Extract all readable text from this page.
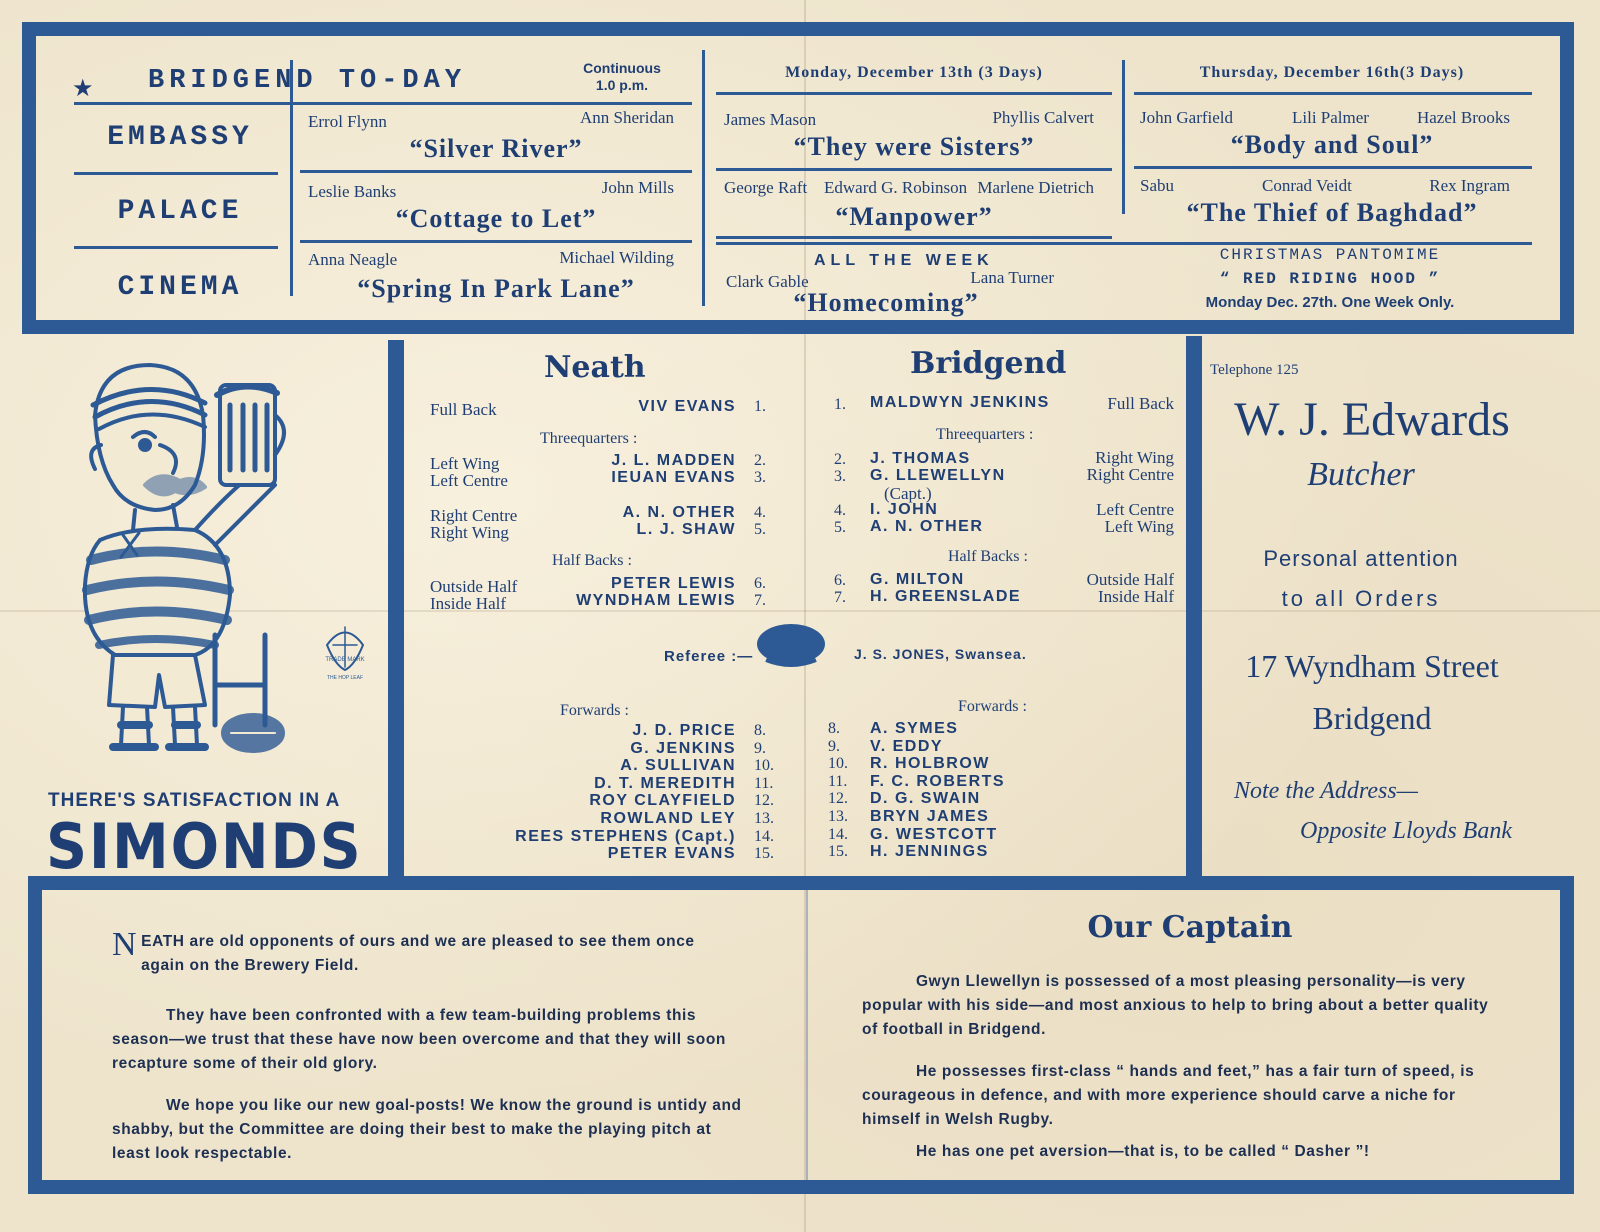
★ BRIDGEND TO-DAY	Continuous
1.0 p.m.
EMBASSY
PALACE
CINEMA
Errol Flynn	Ann Sheridan
“Silver River”
Leslie Banks	John Mills
“Cottage to Let”
Anna Neagle	Michael Wilding
“Spring In Park Lane”
Monday, December 13th (3 Days)
James Mason	Phyllis Calvert
“They were Sisters”
George Raft Edward G. Robinson Marlene Dietrich
“Manpower”
Thursday, December 16th(3 Days)
John Garfield	Lili Palmer	Hazel Brooks
“Body and Soul”
Sabu	Conrad Veidt	Rex Ingram
“The Thief of Baghdad”
ALL THE WEEK
Clark Gable	Lana Turner
“Homecoming”
CHRISTMAS PANTOMIME
“ RED RIDING HOOD ”
Monday Dec. 27th. One Week Only.
TRADE MARK
THE HOP LEAF
THERE'S SATISFACTION IN A
SIMONDS
Neath
Full Back	VIV EVANS 1.
Threequarters :
Left Wing	J. L. MADDEN 2.
Left Centre	IEUAN EVANS 3.
Right Centre	A. N. OTHER 4.
Right Wing	L. J. SHAW 5.
Half Backs :
Outside Half	PETER LEWIS 6.
Inside Half	WYNDHAM LEWIS 7.
Referee :—	J. S. JONES, Swansea.
Forwards :
J. D. PRICE 8.
G. JENKINS 9.
A. SULLIVAN 10.
D. T. MEREDITH 11.
ROY CLAYFIELD 12.
ROWLAND LEY 13.
REES STEPHENS (Capt.) 14.
PETER EVANS 15.
Bridgend
1. MALDWYN JENKINS	Full Back
Threequarters :
2. J. THOMAS	Right Wing
3. G. LLEWELLYN	Right Centre
(Capt.)
4. I. JOHN	Left Centre
5. A. N. OTHER	Left Wing
Half Backs :
6. G. MILTON	Outside Half
7. H. GREENSLADE	Inside Half
Forwards :
8. A. SYMES
9. V. EDDY
10. R. HOLBROW
11. F. C. ROBERTS
12. D. G. SWAIN
13. BRYN JAMES
14. G. WESTCOTT
15. H. JENNINGS
Telephone 125
W. J. Edwards
Butcher
Personal attention
to all Orders
17 Wyndham Street
Bridgend
Note the Address—
Opposite Lloyds Bank
NEATH are old opponents of ours and we are pleased to see them once again on the Brewery Field.
They have been confronted with a few team-building problems this season—we trust that these have now been overcome and that they will soon recapture some of their old glory.
We hope you like our new goal-posts! We know the ground is untidy and shabby, but the Committee are doing their best to make the playing pitch at least look respectable.
Our Captain
Gwyn Llewellyn is possessed of a most pleasing personality—is very popular with his side—and most anxious to help to bring about a better quality of football in Bridgend.
He possesses first-class “ hands and feet,” has a fair turn of speed, is courageous in defence, and with more experience should carve a niche for himself in Welsh Rugby.
He has one pet aversion—that is, to be called “ Dasher ”!
